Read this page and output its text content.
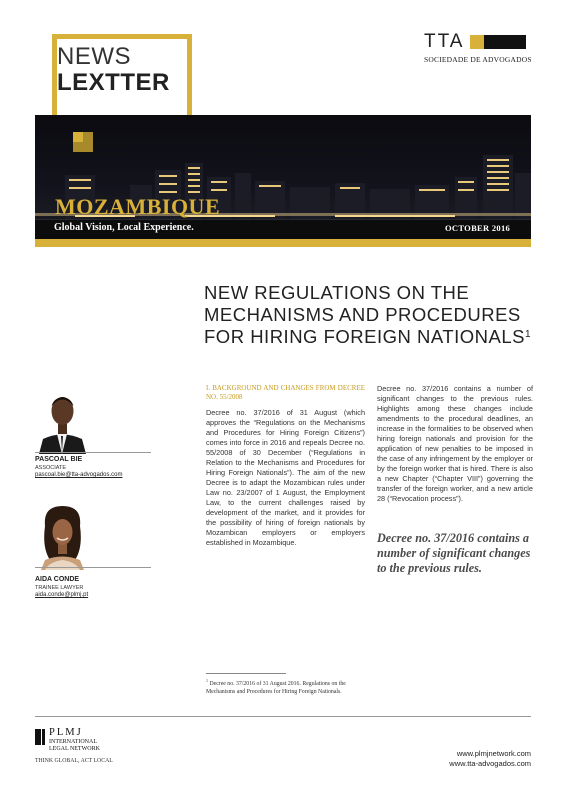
NEWS
LEXTTER
TTA
SOCIEDADE DE ADVOGADOS
MOZAMBIQUE
Global Vision, Local Experience.	OCTOBER 2016
NEW REGULATIONS ON THE
MECHANISMS AND PROCEDURES
FOR HIRING FOREIGN NATIONALS$^1$
PASCOAL BIE
ASSOCIATE
pascoal.bie@tta-advogados.com
AIDA CONDE
TRAINEE LAWYER
aida.conde@plmj.pt
I. BACKGROUND AND CHANGES FROM DECREE NO. 55/2008
Decree no. 37/2016 of 31 August (which approves the “Regulations on the Mechanisms and Procedures for Hiring Foreign Citizens”) comes into force in 2016 and repeals Decree no. 55/2008 of 30 December (“Regulations in Relation to the Mechanisms and Procedures for Hiring Foreign Nationals”). The aim of the new Decree is to adapt the Mozambican rules under Law no. 23/2007 of 1 August, the Employment Law, to the current challenges raised by development of the market, and it provides for the possibility of hiring of foreign nationals by Mozambican employers or employers established in Mozambique.
Decree no. 37/2016 contains a number of significant changes to the previous rules. Highlights among these changes include amendments to the procedural deadlines, an increase in the formalities to be observed when hiring foreign nationals and provision for the application of new penalties to be imposed in the case of any infringement by the employer or by the foreign worker that is hired. There is also a new Chapter (“Chapter VIII”) governing the transfer of the foreign worker, and a new article 28 (“Revocation process”).
Decree no. 37/2016 contains a number of significant changes to the previous rules.
$^1$ Decree no. 37/2016 of 31 August 2016. Regulations on the Mechanisms and Procedures for Hiring Foreign Nationals.
PLMJ
INTERNATIONAL
LEGAL NETWORK
THINK GLOBAL, ACT LOCAL
www.plmjnetwork.com
www.tta-advogados.com
